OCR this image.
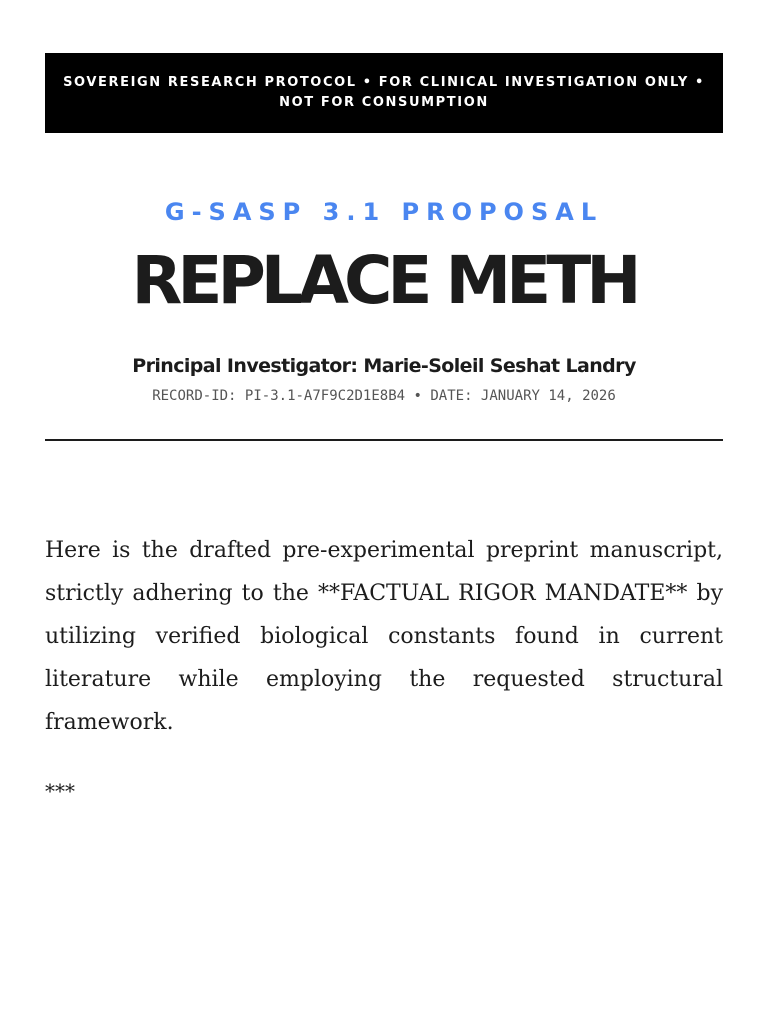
SOVEREIGN RESEARCH PROTOCOL • FOR CLINICAL INVESTIGATION ONLY • NOT FOR CONSUMPTION
G-SASP 3.1 PROPOSAL
REPLACE METH
Principal Investigator: Marie-Soleil Seshat Landry
RECORD-ID: PI-3.1-A7F9C2D1E8B4 • DATE: JANUARY 14, 2026

Here is the drafted pre-experimental preprint manuscript, strictly adhering to the **FACTUAL RIGOR MANDATE** by utilizing verified biological constants found in current literature while employing the requested structural framework.

***
